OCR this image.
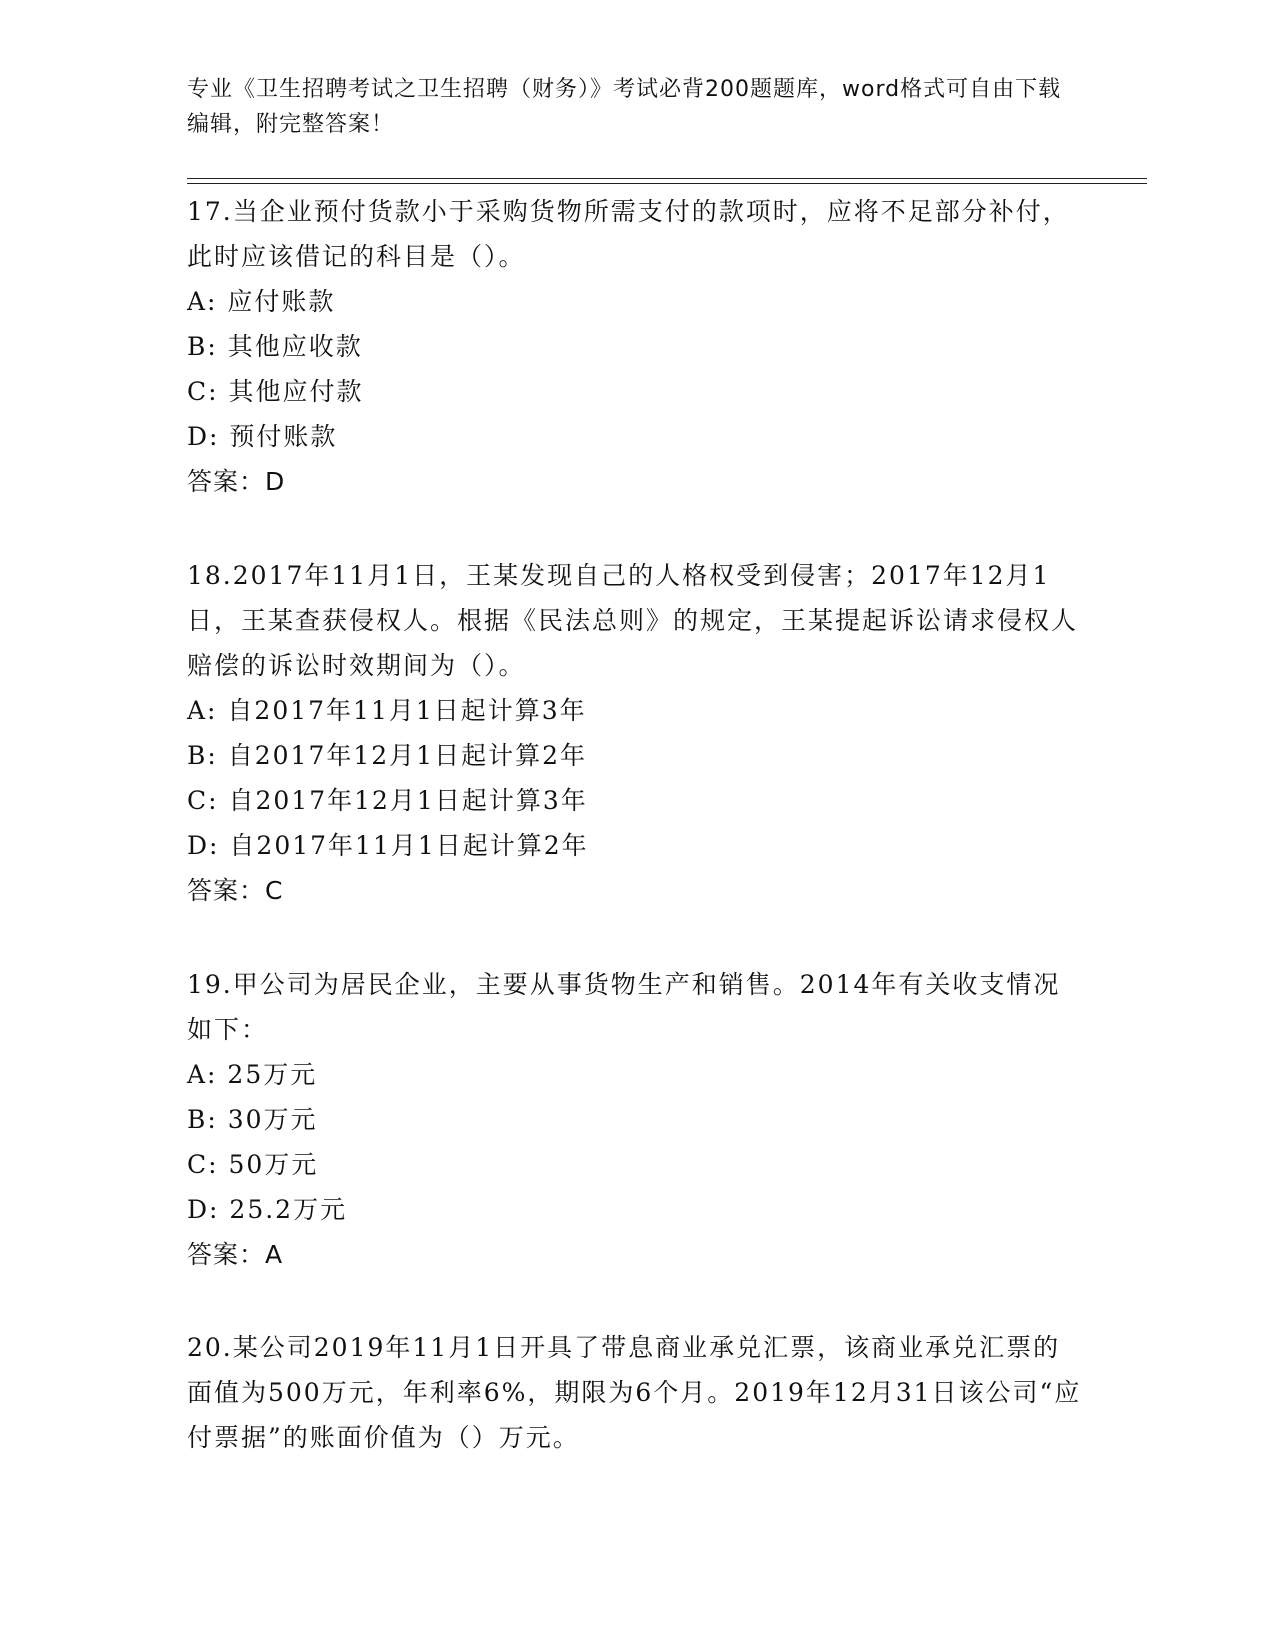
专业《卫生招聘考试之卫生招聘（财务）》考试必背200题题库，word格式可自由下载编辑，附完整答案！
17.当企业预付货款小于采购货物所需支付的款项时，应将不足部分补付，此时应该借记的科目是（）。
A: 应付账款
B: 其他应收款
C: 其他应付款
D: 预付账款
答案：D
18.2017年11月1日，王某发现自己的人格权受到侵害；2017年12月1日，王某查获侵权人。根据《民法总则》的规定，王某提起诉讼请求侵权人赔偿的诉讼时效期间为（）。
A: 自2017年11月1日起计算3年
B: 自2017年12月1日起计算2年
C: 自2017年12月1日起计算3年
D: 自2017年11月1日起计算2年
答案：C
19.甲公司为居民企业，主要从事货物生产和销售。2014年有关收支情况如下：
A: 25万元
B: 30万元
C: 50万元
D: 25.2万元
答案：A
20.某公司2019年11月1日开具了带息商业承兑汇票，该商业承兑汇票的面值为500万元，年利率6%，期限为6个月。2019年12月31日该公司“应付票据”的账面价值为（）万元。
